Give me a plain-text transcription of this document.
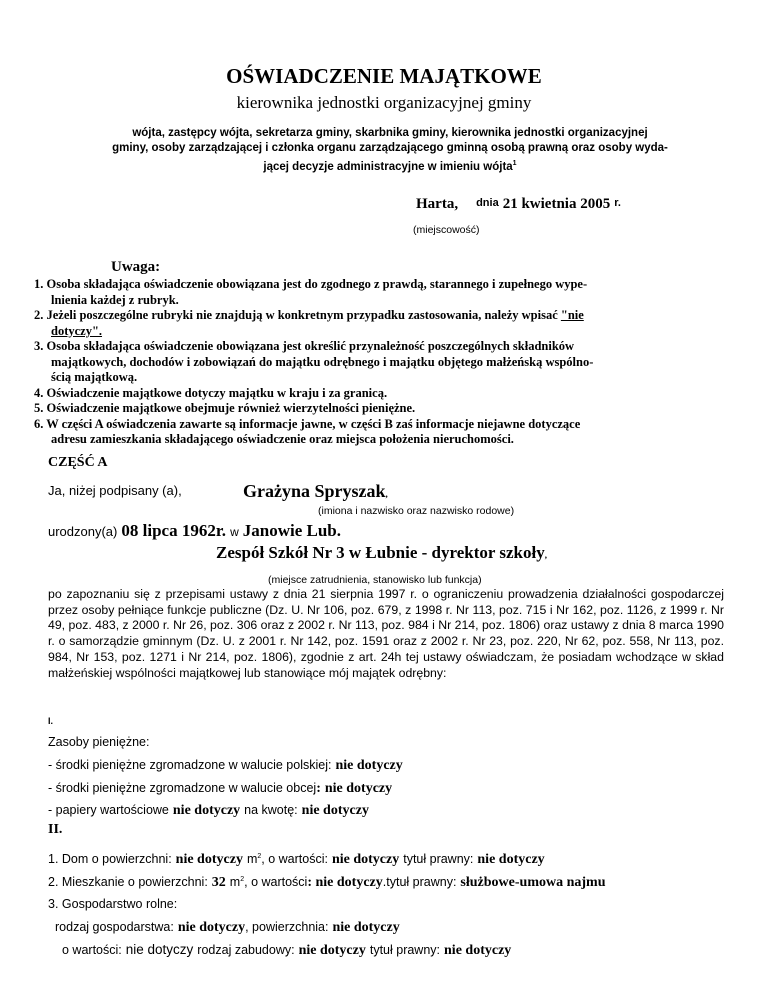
OŚWIADCZENIE MAJĄTKOWE
kierownika jednostki organizacyjnej gminy
wójta, zastępcy wójta, sekretarza gminy, skarbnika gminy, kierownika jednostki organizacyjnej
gminy, osoby zarządzającej i członka organu zarządzającego gminną osobą prawną oraz osoby wyda-
jącej decyzje administracyjne w imieniu wójta$^1$
Harta, dnia 21 kwietnia 2005 r.
(miejscowość)
Uwaga:
1. Osoba składająca oświadczenie obowiązana jest do zgodnego z prawdą, starannego i zupełnego wype-
lnienia każdej z rubryk.
2. Jeżeli poszczególne rubryki nie znajdują w konkretnym przypadku zastosowania, należy wpisać "nie
dotyczy".
3. Osoba składająca oświadczenie obowiązana jest określić przynależność poszczególnych składników
majątkowych, dochodów i zobowiązań do majątku odrębnego i majątku objętego małżeńską wspólno-
ścią majątkową.
4. Oświadczenie majątkowe dotyczy majątku w kraju i za granicą.
5. Oświadczenie majątkowe obejmuje również wierzytelności pieniężne.
6. W części A oświadczenia zawarte są informacje jawne, w części B zaś informacje niejawne dotyczące
adresu zamieszkania składającego oświadczenie oraz miejsca położenia nieruchomości.
CZĘŚĆ A
Ja, niżej podpisany (a),	Grażyna Spryszak,
(imiona i nazwisko oraz nazwisko rodowe)
urodzony(a) 08 lipca 1962r. w Janowie Lub.
Zespół Szkół Nr 3 w Łubnie - dyrektor szkoły,
(miejsce zatrudnienia, stanowisko lub funkcja)
po zapoznaniu się z przepisami ustawy z dnia 21 sierpnia 1997 r. o ograniczeniu prowadzenia działalności gospodarczej przez osoby pełniące funkcje publiczne (Dz. U. Nr 106, poz. 679, z 1998 r. Nr 113, poz. 715 i Nr 162, poz. 1126, z 1999 r. Nr 49, poz. 483, z 2000 r. Nr 26, poz. 306 oraz z 2002 r. Nr 113, poz. 984 i Nr 214, poz. 1806) oraz ustawy z dnia 8 marca 1990 r. o samorządzie gminnym (Dz. U. z 2001 r. Nr 142, poz. 1591 oraz z 2002 r. Nr 23, poz. 220, Nr 62, poz. 558, Nr 113, poz. 984, Nr 153, poz. 1271 i Nr 214, poz. 1806), zgodnie z art. 24h tej ustawy oświadczam, że posiadam wchodzące w skład małżeńskiej wspólności majątkowej lub stanowiące mój majątek odrębny:
I.
Zasoby pieniężne:
- środki pieniężne zgromadzone w walucie polskiej: nie dotyczy
- środki pieniężne zgromadzone w walucie obcej: nie dotyczy
- papiery wartościowe nie dotyczy na kwotę: nie dotyczy
II.
1. Dom o powierzchni: nie dotyczy $m^2$, o wartości: nie dotyczy tytuł prawny: nie dotyczy
2. Mieszkanie o powierzchni: 32 $m^2$, o wartości: nie dotyczy.tytuł prawny: służbowe-umowa najmu
3. Gospodarstwo rolne:
rodzaj gospodarstwa: nie dotyczy, powierzchnia: nie dotyczy
o wartości: nie dotyczy rodzaj zabudowy: nie dotyczy tytuł prawny: nie dotyczy
